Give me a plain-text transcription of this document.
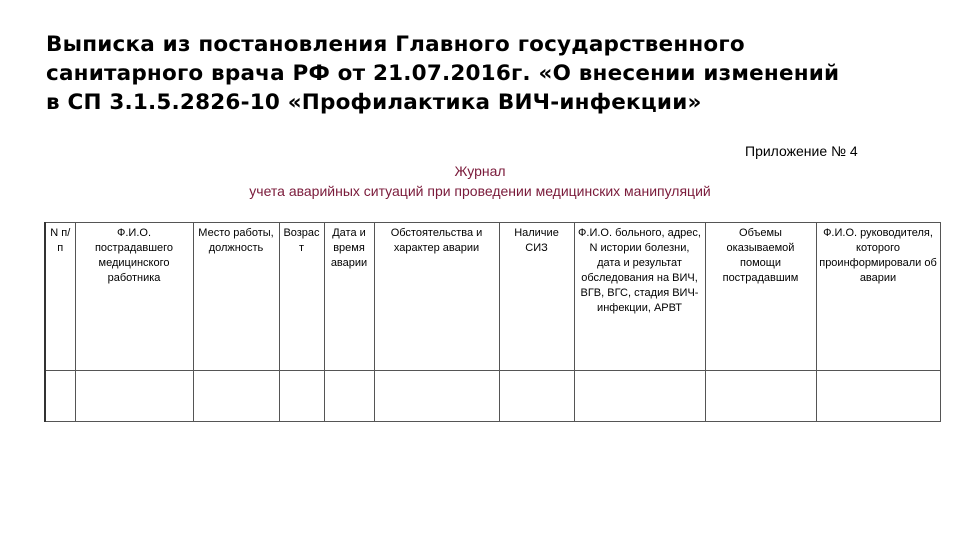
Выписка из постановления Главного государственного
санитарного врача РФ от 21.07.2016г. «О внесении изменений
в СП 3.1.5.2826-10 «Профилактика ВИЧ-инфекции»
Приложение № 4
Журнал
учета аварийных ситуаций при проведении медицинских манипуляций
N п/п	Ф.И.О. пострадавшего медицинского работника	Место работы, должность	Возраст	Дата и время аварии	Обстоятельства и характер аварии	Наличие СИЗ	Ф.И.О. больного, адрес, N истории болезни, дата и результат обследования на ВИЧ, ВГВ, ВГС, стадия ВИЧ-инфекции, АРВТ	Объемы оказываемой помощи пострадавшим	Ф.И.О. руководителя, которого проинформировали об аварии
